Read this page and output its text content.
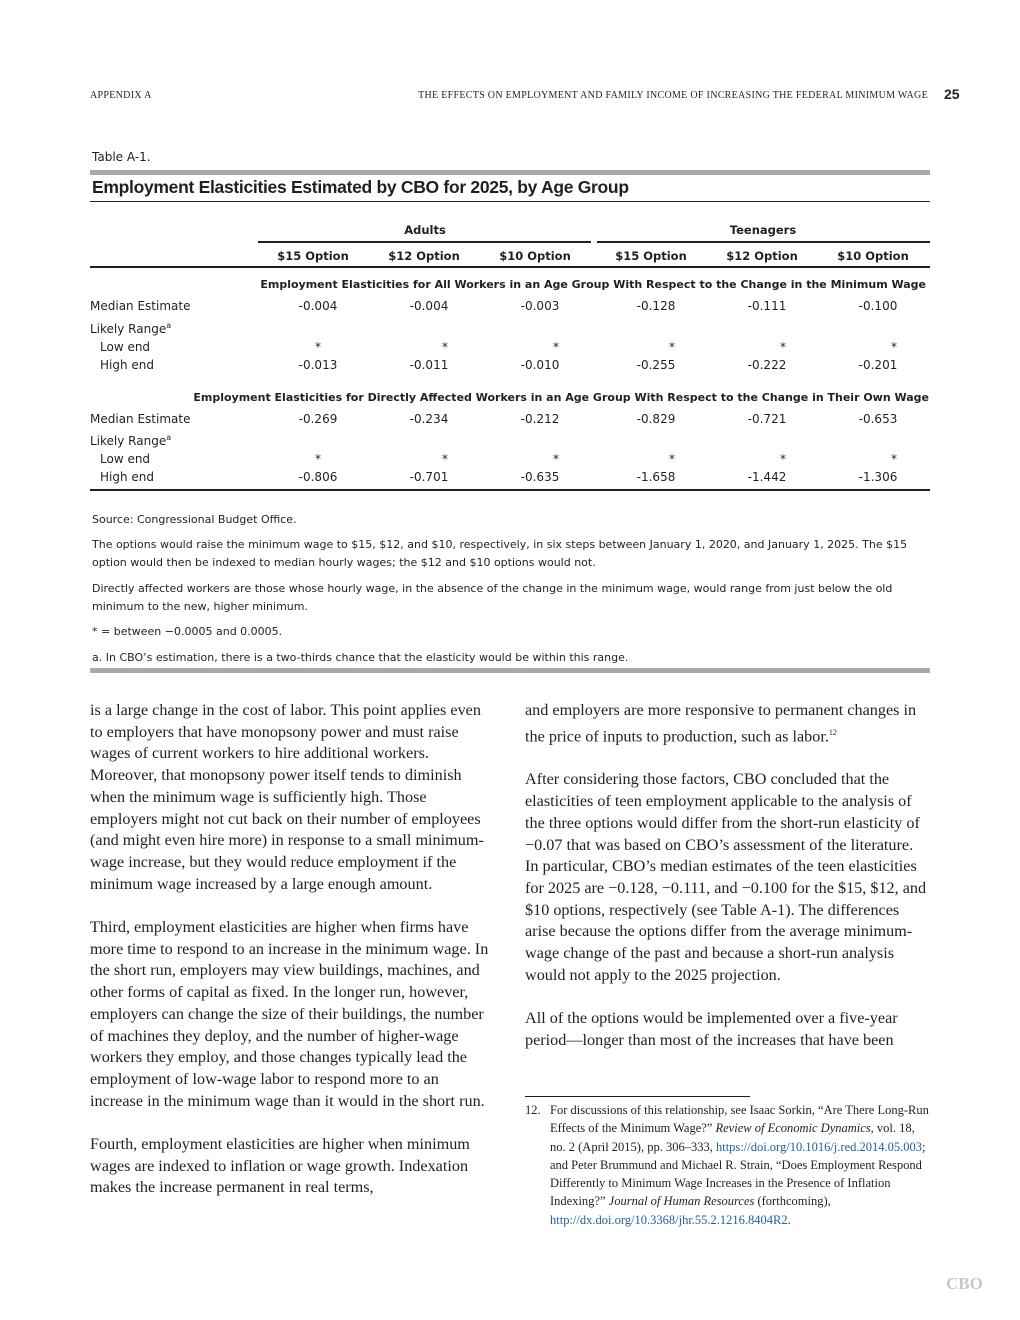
APPENDIX A	THE EFFECTS ON EMPLOYMENT AND FAMILY INCOME OF INCREASING THE FEDERAL MINIMUM WAGE 25
Table A-1.
Employment Elasticities Estimated by CBO for 2025, by Age Group
Adults	Teenagers
$15 Option	$12 Option	$10 Option	$15 Option	$12 Option	$10 Option
Employment Elasticities for All Workers in an Age Group With Respect to the Change in the Minimum Wage
Median Estimate	-0.004	-0.004	-0.003	-0.128	-0.111	-0.100
Likely Range$^a$
Low end	*	*	*	*	*	*
High end	-0.013	-0.011	-0.010	-0.255	-0.222	-0.201
Employment Elasticities for Directly Affected Workers in an Age Group With Respect to the Change in Their Own Wage
Median Estimate	-0.269	-0.234	-0.212	-0.829	-0.721	-0.653
Likely Range$^a$
Low end	*	*	*	*	*	*
High end	-0.806	-0.701	-0.635	-1.658	-1.442	-1.306
Source: Congressional Budget Office.
The options would raise the minimum wage to $15, $12, and $10, respectively, in six steps between January 1, 2020, and January 1, 2025. The $15 option would then be indexed to median hourly wages; the $12 and $10 options would not.
Directly affected workers are those whose hourly wage, in the absence of the change in the minimum wage, would range from just below the old minimum to the new, higher minimum.
* = between −0.0005 and 0.0005.
a. In CBO’s estimation, there is a two-thirds chance that the elasticity would be within this range.

is a large change in the cost of labor. This point applies even to employers that have monopsony power and must raise wages of current workers to hire additional workers. Moreover, that monopsony power itself tends to diminish when the minimum wage is sufficiently high. Those employers might not cut back on their number of employees (and might even hire more) in response to a small minimum-wage increase, but they would reduce employment if the minimum wage increased by a large enough amount.

Third, employment elasticities are higher when firms have more time to respond to an increase in the minimum wage. In the short run, employers may view buildings, machines, and other forms of capital as fixed. In the longer run, however, employers can change the size of their buildings, the number of machines they deploy, and the number of higher-wage workers they employ, and those changes typically lead the employment of low-wage labor to respond more to an increase in the minimum wage than it would in the short run.

Fourth, employment elasticities are higher when minimum wages are indexed to inflation or wage growth. Indexation makes the increase permanent in real terms,

and employers are more responsive to permanent changes in the price of inputs to production, such as labor.$^{12}$

After considering those factors, CBO concluded that the elasticities of teen employment applicable to the analysis of the three options would differ from the short-run elasticity of −0.07 that was based on CBO’s assessment of the literature. In particular, CBO’s median estimates of the teen elasticities for 2025 are −0.128, −0.111, and −0.100 for the $15, $12, and $10 options, respectively (see Table A-1). The differences arise because the options differ from the average minimum-wage change of the past and because a short-run analysis would not apply to the 2025 projection.

All of the options would be implemented over a five-year period—longer than most of the increases that have been

12. For discussions of this relationship, see Isaac Sorkin, “Are There Long-Run Effects of the Minimum Wage?” Review of Economic Dynamics, vol. 18, no. 2 (April 2015), pp. 306–333, https://doi.org/10.1016/j.red.2014.05.003; and Peter Brummund and Michael R. Strain, “Does Employment Respond Differently to Minimum Wage Increases in the Presence of Inflation Indexing?” Journal of Human Resources (forthcoming), http://dx.doi.org/10.3368/jhr.55.2.1216.8404R2.
CBO
